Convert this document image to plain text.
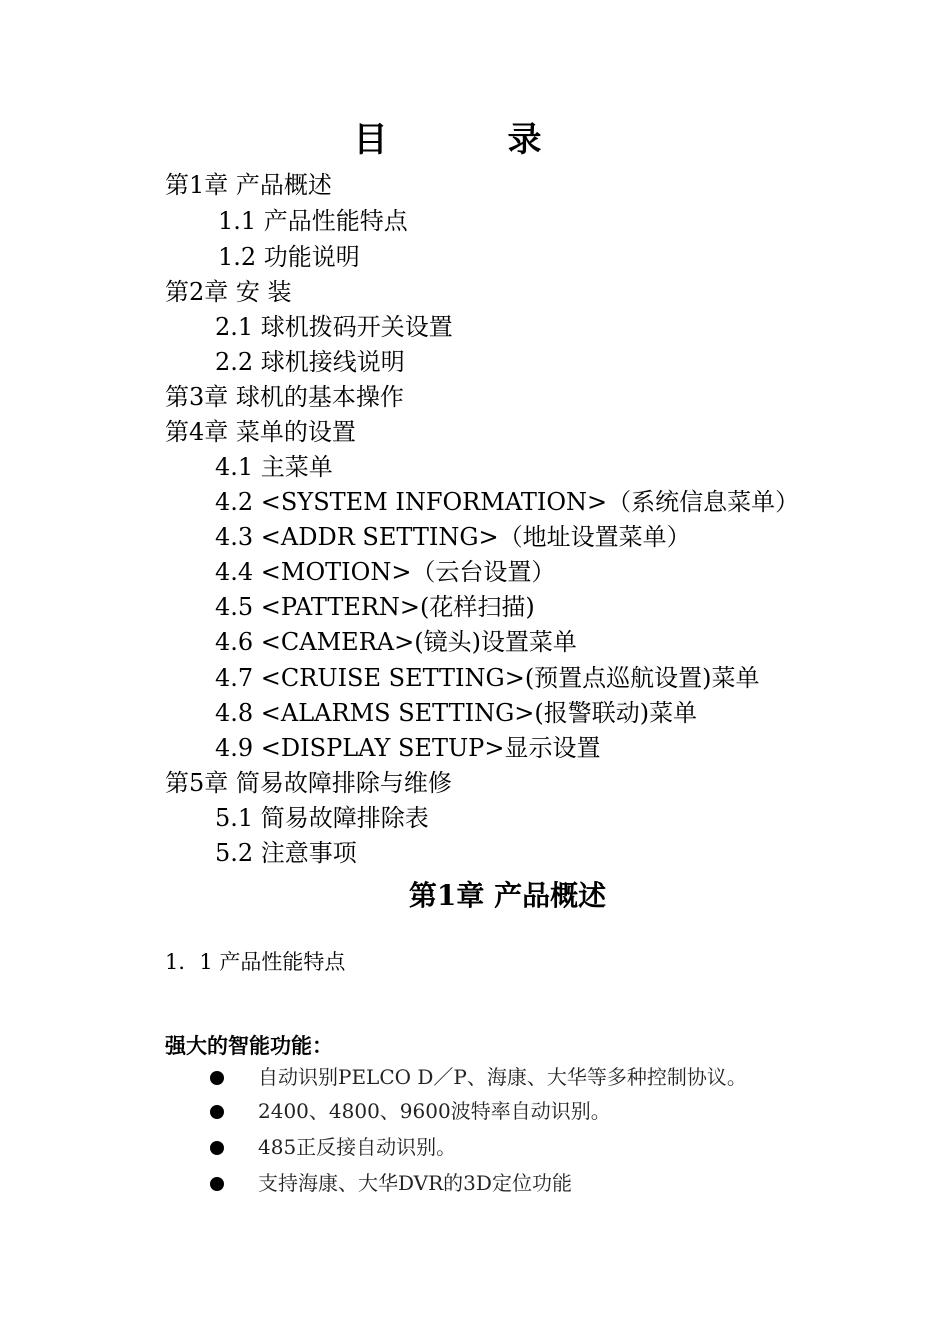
目录
第1章 产品概述
1.1 产品性能特点
1.2 功能说明
第2章 安 装
2.1 球机拨码开关设置
2.2 球机接线说明
第3章 球机的基本操作
第4章 菜单的设置
4.1 主菜单
4.2 <SYSTEM INFORMATION>（系统信息菜单）
4.3 <ADDR SETTING>（地址设置菜单）
4.4 <MOTION>（云台设置）
4.5 <PATTERN>(花样扫描)
4.6 <CAMERA>(镜头)设置菜单
4.7 <CRUISE SETTING>(预置点巡航设置)菜单
4.8 <ALARMS SETTING>(报警联动)菜单
4.9 <DISPLAY SETUP>显示设置
第5章 简易故障排除与维修
5.1 简易故障排除表
5.2 注意事项
第1章 产品概述
1．1 产品性能特点
强大的智能功能：
自动识别PELCO D／P、海康、大华等多种控制协议。
2400、4800、9600波特率自动识别。
485正反接自动识别。
支持海康、大华DVR的3D定位功能
